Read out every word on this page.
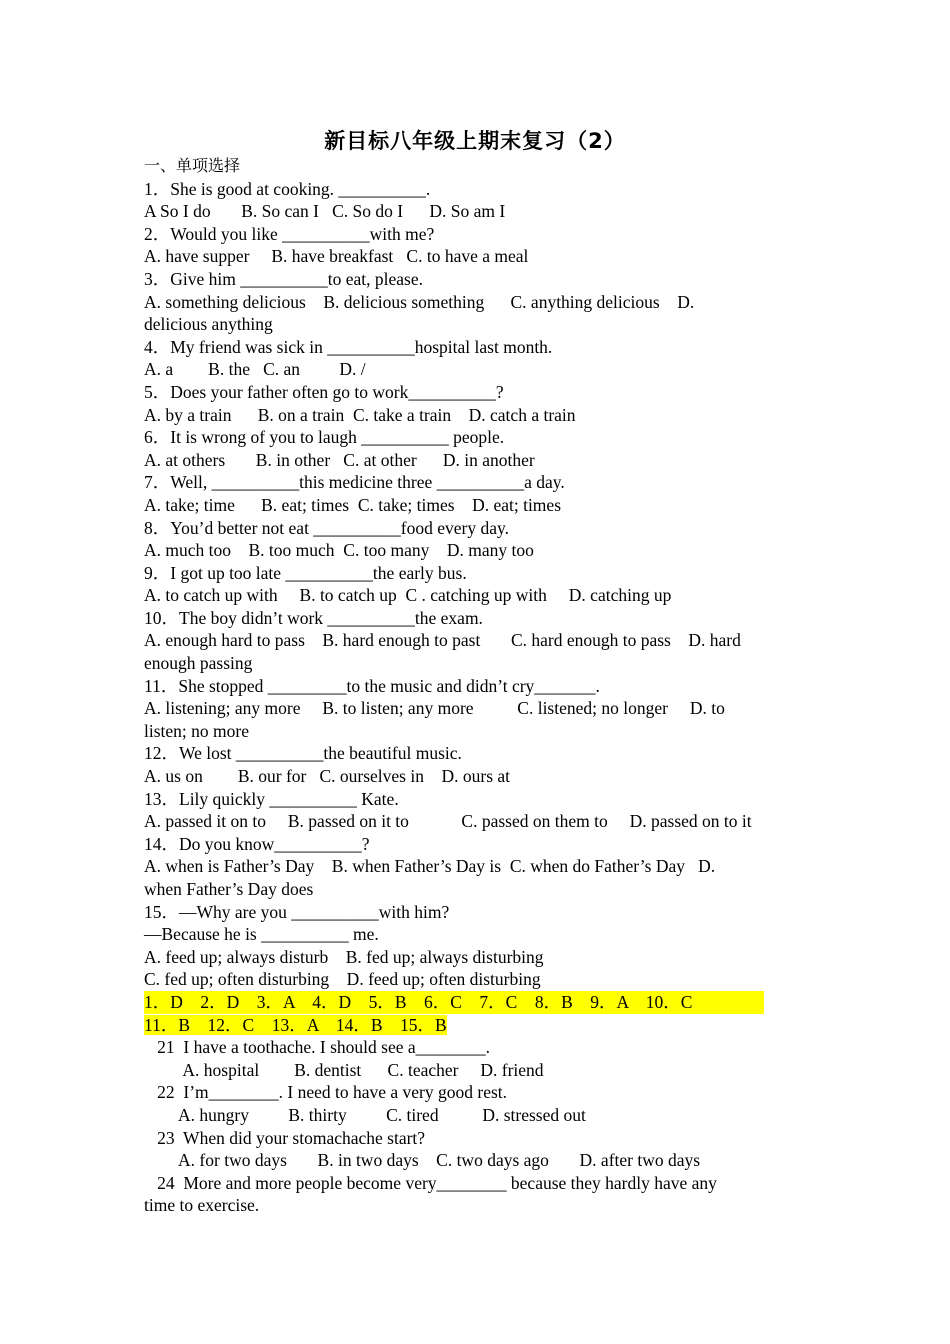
新目标八年级上期末复习（2）
一、单项选择
1．She is good at cooking. __________.
A So I do       B. So can I   C. So do I      D. So am I
2．Would you like __________with me?
A. have supper     B. have breakfast   C. to have a meal
3．Give him __________to eat, please.
A. something delicious    B. delicious something      C. anything delicious    D.
delicious anything
4．My friend was sick in __________hospital last month.
A. a        B. the   C. an         D. /
5．Does your father often go to work__________?
A. by a train      B. on a train  C. take a train    D. catch a train
6．It is wrong of you to laugh __________ people.
A. at others       B. in other   C. at other      D. in another
7．Well, __________this medicine three __________a day.
A. take; time      B. eat; times  C. take; times    D. eat; times
8．You’d better not eat __________food every day.
A. much too    B. too much  C. too many    D. many too
9．I got up too late __________the early bus.
A. to catch up with     B. to catch up  C . catching up with     D. catching up
10．The boy didn’t work __________the exam.
A. enough hard to pass    B. hard enough to past       C. hard enough to pass    D. hard
enough passing
11．She stopped _________to the music and didn’t cry_______.
A. listening; any more     B. to listen; any more          C. listened; no longer     D. to
listen; no more
12．We lost __________the beautiful music.
A. us on        B. our for   C. ourselves in    D. ours at
13．Lily quickly __________ Kate.
A. passed it on to     B. passed on it to            C. passed on them to     D. passed on to it
14．Do you know__________?
A. when is Father’s Day    B. when Father’s Day is  C. when do Father’s Day   D.
when Father’s Day does
15．—Why are you __________with him?
—Because he is __________ me.
A. feed up; always disturb    B. fed up; always disturbing
C. fed up; often disturbing    D. feed up; often disturbing
1．D    2．D    3．A    4．D    5．B    6．C    7．C    8．B    9．A    10．C
11．B    12．C    13．A    14．B    15．B
21  I have a toothache. I should see a________.
A. hospital        B. dentist      C. teacher     D. friend
22  I’m________. I need to have a very good rest.
A. hungry         B. thirty         C. tired          D. stressed out
23  When did your stomachache start?
A. for two days       B. in two days    C. two days ago       D. after two days
24  More and more people become very________ because they hardly have any
time to exercise.
